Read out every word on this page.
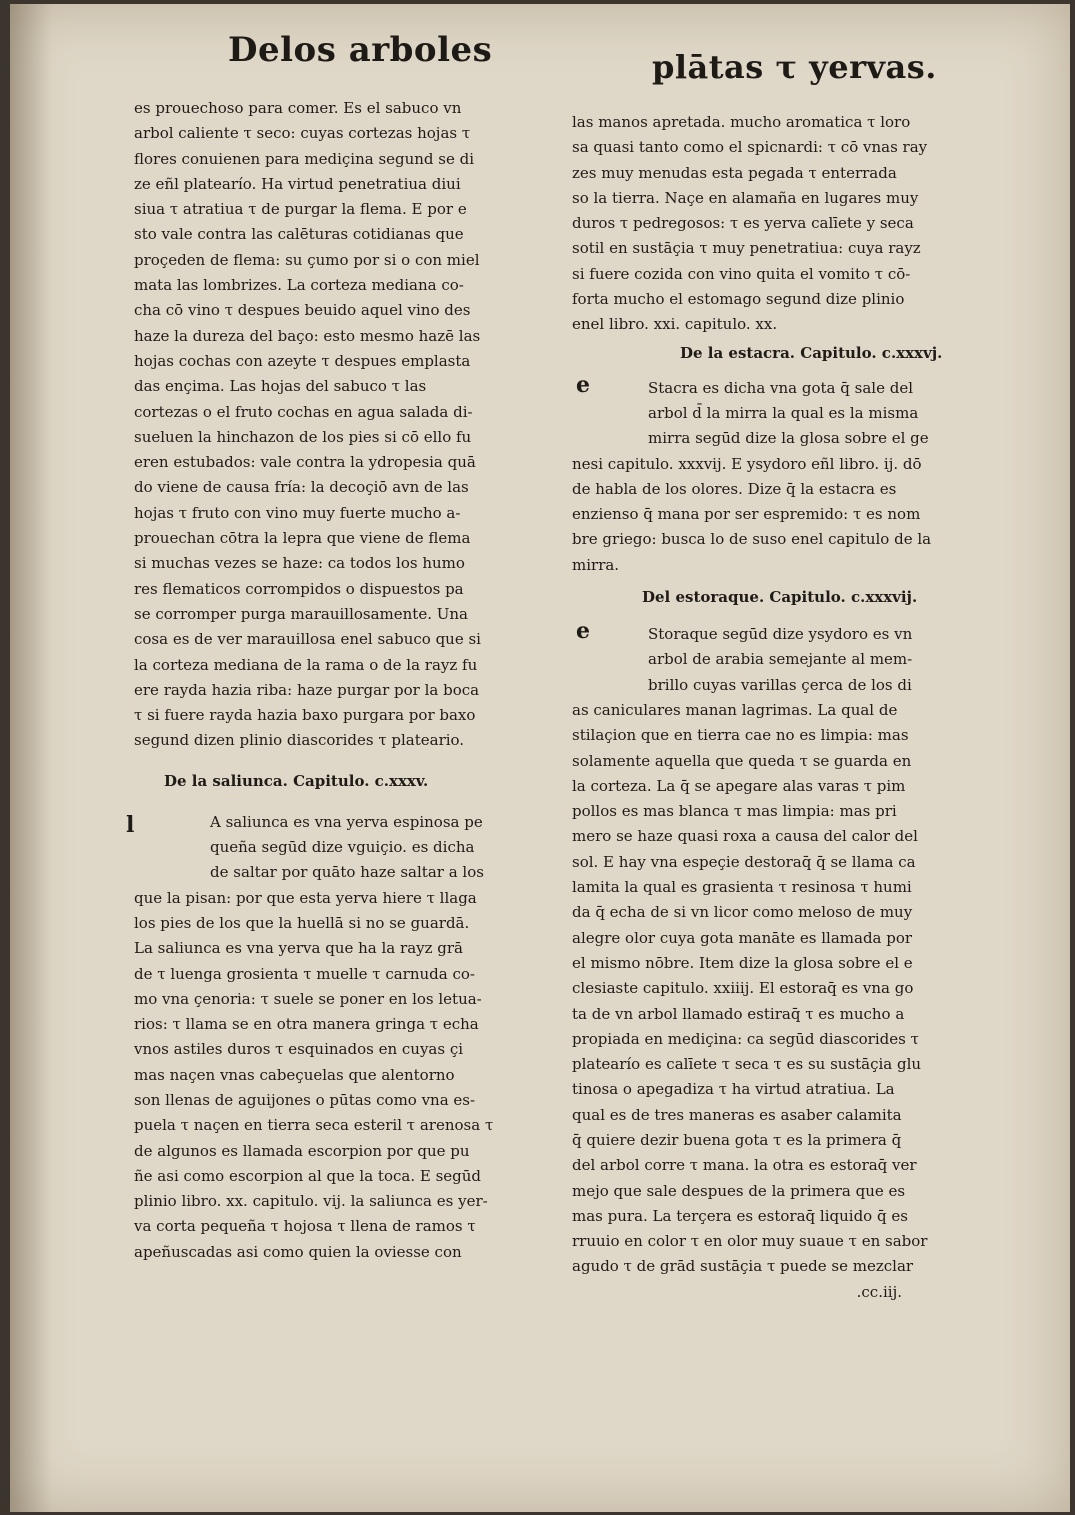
Delos arboles	plātas τ yervas.
es prouechoso para comer. Es el sabuco vn
arbol caliente τ seco: cuyas cortezas hojas τ
flores conuienen para mediçina segund se di
ze eñl platearío. Ha virtud penetratiua diui
siua τ atratiua τ de purgar la flema. E por e
sto vale contra las calēturas cotidianas que
proçeden de flema: su çumo por si o con miel
mata las lombrizes. La corteza mediana co-
cha cō vino τ despues beuido aquel vino des
haze la dureza del baço: esto mesmo hazē las
hojas cochas con azeyte τ despues emplasta
das ençima. Las hojas del sabuco τ las
cortezas o el fruto cochas en agua salada di-
sueluen la hinchazon de los pies si cō ello fu
eren estubados: vale contra la ydropesia quā
do viene de causa fría: la decoçiō avn de las
hojas τ fruto con vino muy fuerte mucho a-
prouechan cōtra la lepra que viene de flema
si muchas vezes se haze: ca todos los humo
res flematicos corrompidos o dispuestos pa
se corromper purga marauillosamente. Una
cosa es de ver marauillosa enel sabuco que si
la corteza mediana de la rama o de la rayz fu
ere rayda hazia riba: haze purgar por la boca
τ si fuere rayda hazia baxo purgara por baxo
segund dizen plinio diascorides τ plateario.

De la saliunca. Capitulo. c.xxxv.

l	A saliunca es vna yerva espinosa pe
queña segūd dize vguiçio. es dicha
de saltar por quāto haze saltar a los
que la pisan: por que esta yerva hiere τ llaga
los pies de los que la huellā si no se guardā.
La saliunca es vna yerva que ha la rayz grā
de τ luenga grosienta τ muelle τ carnuda co-
mo vna çenoria: τ suele se poner en los letua-
rios: τ llama se en otra manera gringa τ echa
vnos astiles duros τ esquinados en cuyas çi
mas naçen vnas cabeçuelas que alentorno
son llenas de aguijones o pūtas como vna es-
puela τ naçen en tierra seca esteril τ arenosa τ
de algunos es llamada escorpion por que pu
ñe asi como escorpion al que la toca. E segūd
plinio libro. xx. capitulo. vij. la saliunca es yer-
va corta pequeña τ hojosa τ llena de ramos τ
apeñuscadas asi como quien la oviesse con
las manos apretada. mucho aromatica τ loro
sa quasi tanto como el spicnardi: τ cō vnas ray
zes muy menudas esta pegada τ enterrada
so la tierra. Naçe en alamaña en lugares muy
duros τ pedregosos: τ es yerva calīete y seca
sotil en sustāçia τ muy penetratiua: cuya rayz
si fuere cozida con vino quita el vomito τ cō-
forta mucho el estomago segund dize plinio
enel libro. xxi. capitulo. xx.

De la estacra. Capitulo. c.xxxvj.

e	Stacra es dicha vna gota q̄ sale del
arbol d̄ la mirra la qual es la misma
mirra segūd dize la glosa sobre el ge
nesi capitulo. xxxvij. E ysydoro eñl libro. ij. dō
de habla de los olores. Dize q̄ la estacra es
enzienso q̄ mana por ser espremido: τ es nom
bre griego: busca lo de suso enel capitulo de la
mirra.

Del estoraque. Capitulo. c.xxxvij.

e	Storaque segūd dize ysydoro es vn
arbol de arabia semejante al mem-
brillo cuyas varillas çerca de los di
as caniculares manan lagrimas. La qual de
stilaçion que en tierra cae no es limpia: mas
solamente aquella que queda τ se guarda en
la corteza. La q̄ se apegare alas varas τ pim
pollos es mas blanca τ mas limpia: mas pri
mero se haze quasi roxa a causa del calor del
sol. E hay vna espeçie destoraq̄ q̄ se llama ca
lamita la qual es grasienta τ resinosa τ humi
da q̄ echa de si vn licor como meloso de muy
alegre olor cuya gota manāte es llamada por
el mismo nōbre. Item dize la glosa sobre el e
clesiaste capitulo. xxiiij. El estoraq̄ es vna go
ta de vn arbol llamado estiraq̄ τ es mucho a
propiada en mediçina: ca segūd diascorides τ
platearío es calīete τ seca τ es su sustāçia glu
tinosa o apegadiza τ ha virtud atratiua. La
qual es de tres maneras es asaber calamita
q̄ quiere dezir buena gota τ es la primera q̄
del arbol corre τ mana. la otra es estoraq̄ ver
mejo que sale despues de la primera que es
mas pura. La terçera es estoraq̄ liquido q̄ es
rruuio en color τ en olor muy suaue τ en sabor
agudo τ de grād sustāçia τ puede se mezclar
.cc.iij.
